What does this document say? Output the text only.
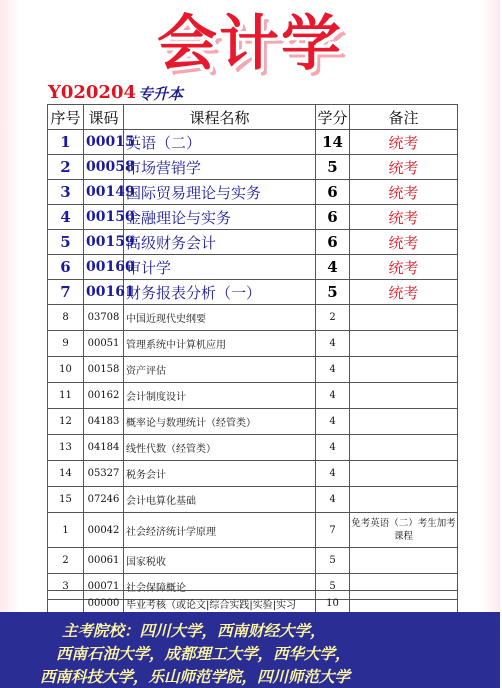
会计学
Y020204 专升本
序号	课码	课程名称	学分	备注
1	00015	英语（二）	14	统考
2	00058	市场营销学	5	统考
3	00149	国际贸易理论与实务	6	统考
4	00150	金融理论与实务	6	统考
5	00159	高级财务会计	6	统考
6	00160	审计学	4	统考
7	00161	财务报表分析（一）	5	统考
8	03708	中国近现代史纲要	2	
9	00051	管理系统中计算机应用	4	
10	00158	资产评估	4	
11	00162	会计制度设计	4	
12	04183	概率论与数理统计（经管类）	4	
13	04184	线性代数（经管类）	4	
14	05327	税务会计	4	
15	07246	会计电算化基础	4	
1	00042	社会经济统计学原理	7	免考英语（二）考生加考课程
2	00061	国家税收	5	
3	00071	社会保障概论	5	
	00000	毕业考核（或论文|综合实践|实验|实习	10	
主考院校：四川大学，西南财经大学，
西南石油大学，成都理工大学，西华大学，
西南科技大学，乐山师范学院，四川师范大学
